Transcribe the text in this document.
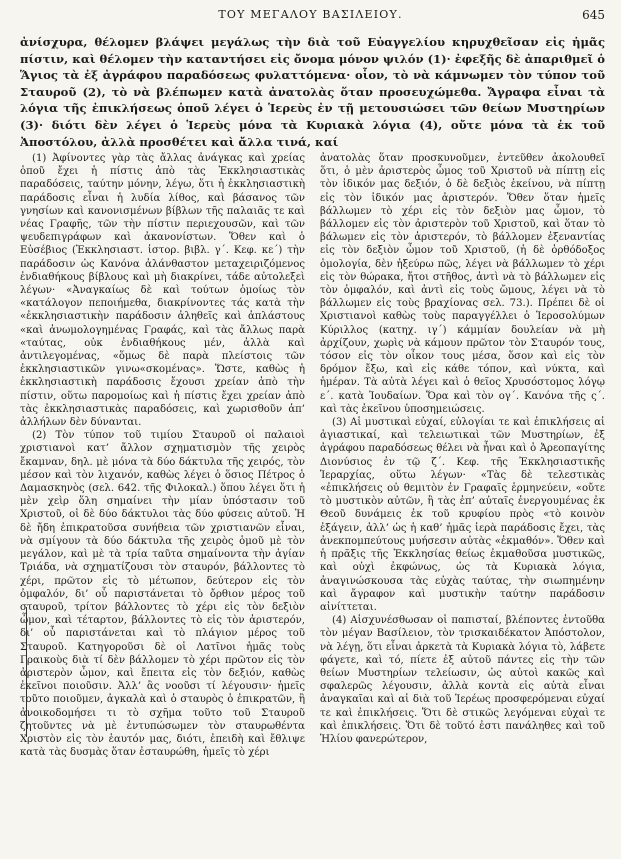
ΤΟΥ ΜΕΓΑΛΟΥ ΒΑΣΙΛΕΙΟΥ.	645

ἀνίσχυρα, θέλομεν βλάψει μεγάλως τὴν διὰ τοῦ Εὐαγγελίου κηρυχθεῖσαν εἰς ἡμᾶς πίστιν, καὶ θέλομεν τὴν καταντήσει εἰς ὄνομα μόνον ψιλόν (1)· ἐφεξῆς δὲ ἀπαριθμεῖ ὁ Ἅγιος τὰ ἐξ ἀγράφου παραδόσεως φυλαττόμενα· οἷον, τὸ νὰ κάμνωμεν τὸν τύπον τοῦ Σταυροῦ (2), τὸ νὰ βλέπωμεν κατὰ ἀνατολὰς ὅταν προσευχώμεθα. Ἄγραφα εἶναι τὰ λόγια τῆς ἐπικλήσεως ὁποῦ λέγει ὁ Ἱερεὺς ἐν τῇ μετουσιώσει τῶν θείων Μυστηρίων (3)· διότι δὲν λέγει ὁ Ἱερεὺς μόνα τὰ Κυριακὰ λόγια (4), οὔτε μόνα τὰ ἐκ τοῦ Ἀποστόλου, ἀλλὰ προσθέτει καὶ ἄλλα τινά, καί

(1) Ἀφίνοντες γὰρ τὰς ἄλλας ἀνάγκας καὶ χρείας ὁποῦ ἔχει ἡ πίστις ἀπὸ τὰς Ἐκκλησιαστικὰς παραδόσεις, ταύτην μόνην, λέγω, ὅτι ἡ ἐκκλησιαστικὴ παράδοσις εἶναι ἡ λυδία λίθος, καὶ βάσανος τῶν γνησίων καὶ κανονισμένων βίβλων τῆς παλαιᾶς τε καὶ νέας Γραφῆς, τῶν τὴν πίστιν περιεχουσῶν, καὶ τῶν ψευδεπιγράφων καὶ ἀκανονίστων. Ὅθεν καὶ ὁ Εὐσέβιος (Ἐκκλησιαστ. ἱστορ. βιβλ. γ΄. Κεφ. κε΄) τὴν παράδοσιν ὡς Κανόνα ἀλάνθαστον μεταχειριζόμενος ἐνδιαθήκους βίβλους καὶ μὴ διακρίνει, τάδε αὐτολεξεὶ λέγων· «Ἀναγκαίως δὲ καὶ τούτων ὁμοίως τὸν «κατάλογον πεποιήμεθα, διακρίνοντες τάς κατὰ τὴν «ἐκκλησιαστικὴν παράδοσιν ἀληθεῖς καὶ ἀπλάστους «καὶ ἀνωμολογημένας Γραφάς, καὶ τὰς ἄλλως παρὰ «ταύτας, οὐκ ἐνδιαθήκους μέν, ἀλλὰ καὶ ἀντιλεγομένας, «ὅμως δὲ παρὰ πλείστοις τῶν ἐκκλησιαστικῶν γινω«σκομένας». Ὥστε, καθὼς ἡ ἐκκλησιαστικὴ παράδοσις ἔχουσι χρείαν ἀπὸ τὴν πίστιν, οὕτω παρομοίως καὶ ἡ πίστις ἔχει χρείαν ἀπὸ τὰς ἐκκλησιαστικὰς παραδόσεις, καὶ χωρισθοῦν ἀπ’ ἀλλήλων δὲν δύνανται.

(2) Τὸν τύπον τοῦ τιμίου Σταυροῦ οἱ παλαιοὶ χριστιανοὶ κατ’ ἄλλον σχηματισμὸν τῆς χειρὸς ἔκαμναν, δηλ. μὲ μόνα τὰ δύο δάκτυλα τῆς χειρός, τὸν μέσον καὶ τὸν λιχανόν, καθὼς λέγει ὁ ὅσιος Πέτρος ὁ Δαμασκηνὸς (σελ. 642. τῆς Φιλοκαλ.) ὅπου λέγει ὅτι ἡ μὲν χεὶρ ὅλη σημαίνει τὴν μίαν ὑπόστασιν τοῦ Χριστοῦ, οἱ δὲ δύο δάκτυλοι τὰς δύο φύσεις αὐτοῦ. Ἡ δὲ ἤδη ἐπικρατοῦσα συνήθεια τῶν χριστιανῶν εἶναι, νὰ σμίγουν τὰ δύο δάκτυλα τῆς χειρὸς ὁμοῦ μὲ τὸν μεγάλον, καὶ μὲ τὰ τρία ταῦτα σημαίνοντα τὴν ἁγίαν Τριάδα, νὰ σχηματίζουσι τὸν σταυρόν, βάλλοντες τὸ χέρι, πρῶτον εἰς τὸ μέτωπον, δεύτερον εἰς τὸν ὀμφαλόν, δι’ οὗ παριστάνεται τὸ ὄρθιον μέρος τοῦ σταυροῦ, τρίτον βάλλοντες τὸ χέρι εἰς τὸν δεξιὸν ὦμον, καὶ τέταρτον, βάλλοντες τὸ εἰς τὸν ἀριστερόν, δι’ οὗ παριστάνεται καὶ τὸ πλάγιον μέρος τοῦ Σταυροῦ. Κατηγοροῦσι δὲ οἱ Λατῖνοι ἡμᾶς τοὺς Γραικοὺς διὰ τί δὲν βάλλομεν τὸ χέρι πρῶτον εἰς τὸν ἀριστερὸν ὦμον, καὶ ἔπειτα εἰς τὸν δεξιόν, καθὼς ἐκεῖνοι ποιοῦσιν. Ἀλλ’ ἂς νοοῦσι τί λέγουσιν· ἡμεῖς τοῦτο ποιοῦμεν, ἀγκαλὰ καὶ ὁ σταυρὸς ὁ ἐπικρατῶν, ἢ ἀνοικοδομήσει τι τὸ σχῆμα τοῦτο τοῦ Σταυροῦ ζητοῦντες νὰ μὲ ἐντυπώσωμεν τὸν σταυρωθέντα Χριστὸν εἰς τὸν ἑαυτόν μας, διότι, ἐπειδὴ καὶ ἔθλιψε κατὰ τὰς δυσμὰς ὅταν ἐσταυρώθη, ἡμεῖς τὸ χέρι

ἀνατολὰς ὅταν προσκυνοῦμεν, ἐντεῦθεν ἀκολουθεῖ ὅτι, ὁ μὲν ἀριστερὸς ὦμος τοῦ Χριστοῦ νὰ πίπτῃ εἰς τὸν ἰδικόν μας δεξιόν, ὁ δὲ δεξιὸς ἐκείνου, νὰ πίπτῃ εἰς τὸν ἰδικόν μας ἀριστερόν. Ὅθεν ὅταν ἡμεῖς βάλλωμεν τὸ χέρι εἰς τὸν δεξιὸν μας ὦμον, τὸ βάλλομεν εἰς τὸν ἀριστερὸν τοῦ Χριστοῦ, καὶ ὅταν τὸ βάλωμεν εἰς τὸν ἀριστερόν, τὸ βάλλομεν ἐξεναντίας εἰς τὸν δεξιὸν ὦμον τοῦ Χριστοῦ, (ἡ δὲ ὀρθόδοξος ὁμολογία, δὲν ἠξεύρω πῶς, λέγει νὰ βάλλωμεν τὸ χέρι εἰς τὸν θώρακα, ἤτοι στῆθος, ἀντὶ νὰ τὸ βάλλωμεν εἰς τὸν ὀμφαλόν, καὶ ἀντὶ εἰς τοὺς ὤμους, λέγει νὰ τὸ βάλλωμεν εἰς τοὺς βραχίονας σελ. 73.). Πρέπει δὲ οἱ Χριστιανοὶ καθὼς τοὺς παραγγέλλει ὁ Ἱεροσολύμων Κύριλλος (κατηχ. ιγ΄) κάμμίαν δουλείαν νὰ μὴ ἀρχίζουν, χωρὶς νὰ κάμουν πρῶτον τὸν Σταυρόν τους, τόσον εἰς τὸν οἶκον τους μέσα, ὅσον καὶ εἰς τὸν δρόμον ἔξω, καὶ εἰς κάθε τόπον, καὶ νύκτα, καὶ ἡμέραν. Τὰ αὐτὰ λέγει καὶ ὁ θεῖος Χρυσόστομος λόγῳ ε΄. κατὰ Ἰουδαίων. Ὅρα καὶ τὸν ογ΄. Κανόνα τῆς ς΄. καὶ τὰς ἐκεῖνου ὑποσημειώσεις.

(3) Αἱ μυστικαὶ εὐχαί, εὐλογίαι τε καὶ ἐπικλήσεις αἱ ἁγιαστικαί, καὶ τελειωτικαὶ τῶν Μυστηρίων, ἐξ ἀγράφου παραδόσεως θέλει νὰ ἦναι καὶ ὁ Ἀρεοπαγίτης Διονύσιος ἐν τῷ ζ΄. Κεφ. τῆς Ἐκκλησιαστικῆς Ἱεραρχίας, οὕτω λέγων· «Τὰς δὲ τελεστικὰς «ἐπικλήσεις οὐ θεμιτὸν ἐν Γραφαῖς ἑρμηνεύειν, «οὔτε τὸ μυστικὸν αὐτῶν, ἢ τὰς ἐπ’ αὐταῖς ἐνεργουμένας ἐκ Θεοῦ δυνάμεις ἐκ τοῦ κρυφίου πρὸς «τὸ κοινὸν ἐξάγειν, ἀλλ’ ὡς ἡ καθ’ ἡμᾶς ἱερὰ παράδοσις ἔχει, τὰς ἀνεκπομπεύτους μυήσεσιν αὐτὰς «ἐκμαθόν». Ὅθεν καὶ ἡ πρᾶξις τῆς Ἐκκλησίας θείως ἐκμαθοῦσα μυστικῶς, καὶ οὐχὶ ἐκφώνως, ὡς τὰ Κυριακὰ λόγια, ἀναγινώσκουσα τὰς εὐχὰς ταύτας, τὴν σιωπημένην καὶ ἄγραφον καὶ μυστικὴν ταύτην παράδοσιν αἰνίττεται.

(4) Αἰσχυνέσθωσαν οἱ παπισταί, βλέποντες ἐντοῦθα τὸν μέγαν Βασίλειον, τὸν τρισκαιδέκατον Ἀπόστολον, νὰ λέγῃ, ὅτι εἶναι ἀρκετὰ τὰ Κυριακὰ λόγια τὸ, λάβετε φάγετε, καὶ τό, πίετε ἐξ αὐτοῦ πάντες εἰς τὴν τῶν θείων Μυστηρίων τελείωσιν, ὡς αὐτοὶ κακῶς καὶ σφαλερῶς λέγουσιν, ἀλλὰ κοντὰ εἰς αὐτὰ εἶναι ἀναγκαῖαι καὶ αἱ διὰ τοῦ Ἱερέως προσφερόμεναι εὐχαί τε καὶ ἐπικλήσεις. Ὅτι δὲ στικῶς λεγόμεναι εὐχαὶ τε καὶ ἐπικλήσεις. Ὅτι δὲ τοῦτό ἐστι πανάληθες καὶ τοῦ Ἡλίου φανερώτερον,
